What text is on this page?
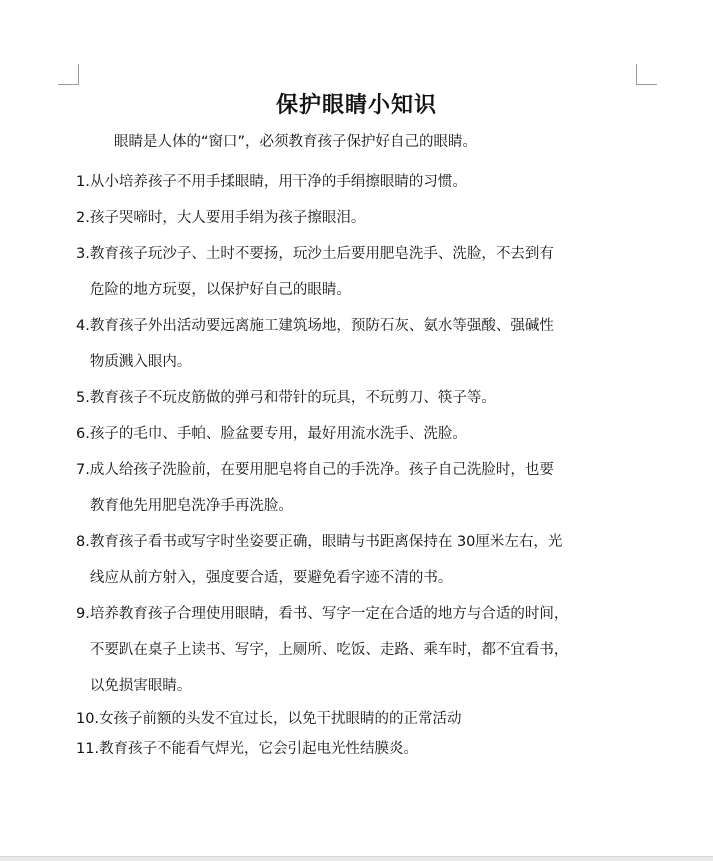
保护眼睛小知识
眼睛是人体的“窗口”，必须教育孩子保护好自己的眼睛。
1. 从小培养孩子不用手揉眼睛，用干净的手绢擦眼睛的习惯。
2. 孩子哭啼时，大人要用手绢为孩子擦眼泪。
3. 教育孩子玩沙子、土时不要扬，玩沙土后要用肥皂洗手、洗脸，不去到有
危险的地方玩耍，以保护好自己的眼睛。
4. 教育孩子外出活动要远离施工建筑场地，预防石灰、氨水等强酸、强碱性
物质溅入眼内。
5. 教育孩子不玩皮筋做的弹弓和带针的玩具，不玩剪刀、筷子等。
6. 孩子的毛巾、手帕、脸盆要专用，最好用流水洗手、洗脸。
7. 成人给孩子洗脸前，在要用肥皂将自己的手洗净。孩子自己洗脸时，也要
教育他先用肥皂洗净手再洗脸。
8. 教育孩子看书或写字时坐姿要正确，眼睛与书距离保持在 30厘米左右，光
线应从前方射入，强度要合适，要避免看字迹不清的书。
9. 培养教育孩子合理使用眼睛，看书、写字一定在合适的地方与合适的时间，
不要趴在桌子上读书、写字，上厕所、吃饭、走路、乘车时，都不宜看书，
以免损害眼睛。
10. 女孩子前额的头发不宜过长，以免干扰眼睛的的正常活动
11. 教育孩子不能看气焊光，它会引起电光性结膜炎。
